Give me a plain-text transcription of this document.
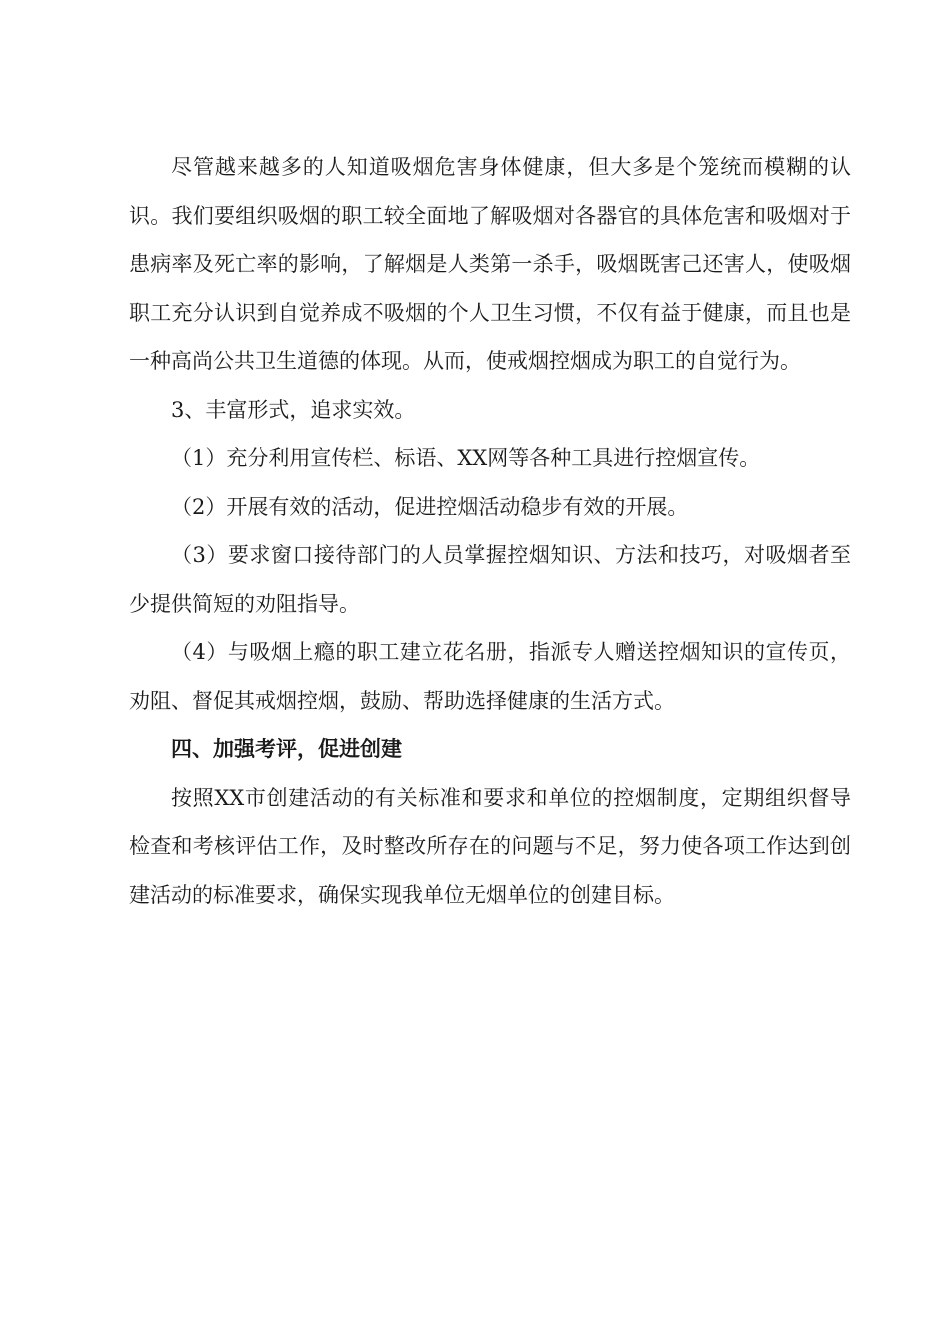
尽管越来越多的人知道吸烟危害身体健康，但大多是个笼统而模糊的认识。我们要组织吸烟的职工较全面地了解吸烟对各器官的具体危害和吸烟对于患病率及死亡率的影响，了解烟是人类第一杀手，吸烟既害己还害人，使吸烟职工充分认识到自觉养成不吸烟的个人卫生习惯，不仅有益于健康，而且也是一种高尚公共卫生道德的体现。从而，使戒烟控烟成为职工的自觉行为。

3、丰富形式，追求实效。

（1）充分利用宣传栏、标语、XX网等各种工具进行控烟宣传。

（2）开展有效的活动，促进控烟活动稳步有效的开展。

（3）要求窗口接待部门的人员掌握控烟知识、方法和技巧，对吸烟者至少提供简短的劝阻指导。

（4）与吸烟上瘾的职工建立花名册，指派专人赠送控烟知识的宣传页，劝阻、督促其戒烟控烟，鼓励、帮助选择健康的生活方式。

四、加强考评，促进创建

按照XX市创建活动的有关标准和要求和单位的控烟制度，定期组织督导检查和考核评估工作，及时整改所存在的问题与不足，努力使各项工作达到创建活动的标准要求，确保实现我单位无烟单位的创建目标。
